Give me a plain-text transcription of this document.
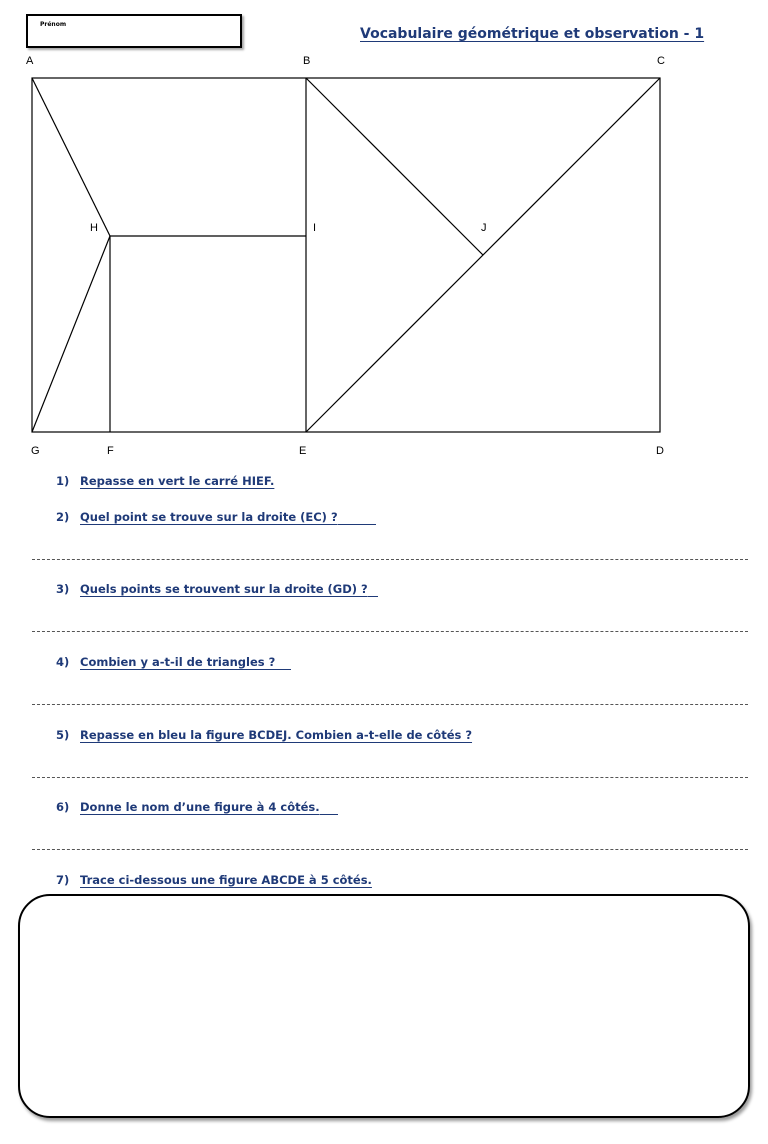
Prénom
Vocabulaire géométrique et observation - 1
A	B	C
H	I	J
G	F	E	D
1) Repasse en vert le carré HIEF.
2) Quel point se trouve sur la droite (EC) ?
3) Quels points se trouvent sur la droite (GD) ?
4) Combien y a-t-il de triangles ?
5) Repasse en bleu la figure BCDEJ. Combien a-t-elle de côtés ?
6) Donne le nom d’une figure à 4 côtés.
7) Trace ci-dessous une figure ABCDE à 5 côtés.
